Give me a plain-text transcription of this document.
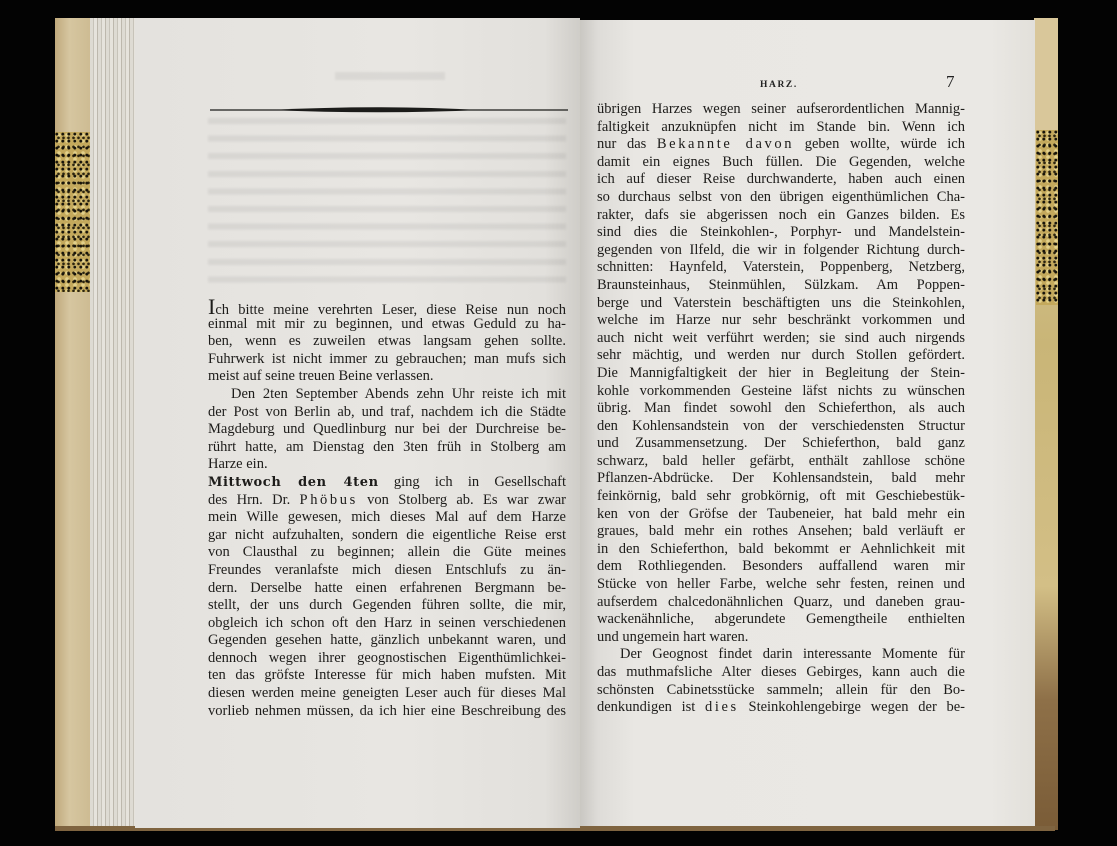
HARZ.	7
Ich bitte meine verehrten Leser, diese Reise nun noch
einmal mit mir zu beginnen, und etwas Geduld zu ha-
ben, wenn es zuweilen etwas langsam gehen sollte.
Fuhrwerk ist nicht immer zu gebrauchen; man mufs sich
meist auf seine treuen Beine verlassen.
Den 2ten September Abends zehn Uhr reiste ich mit
der Post von Berlin ab, und traf, nachdem ich die Städte
Magdeburg und Quedlinburg nur bei der Durchreise be-
rührt hatte, am Dienstag den 3ten früh in Stolberg am
Harze ein.
Mittwoch den 4ten ging ich in Gesellschaft
des Hrn. Dr. Phöbus von Stolberg ab. Es war zwar
mein Wille gewesen, mich dieses Mal auf dem Harze
gar nicht aufzuhalten, sondern die eigentliche Reise erst
von Clausthal zu beginnen; allein die Güte meines
Freundes veranlafste mich diesen Entschlufs zu än-
dern. Derselbe hatte einen erfahrenen Bergmann be-
stellt, der uns durch Gegenden führen sollte, die mir,
obgleich ich schon oft den Harz in seinen verschiedenen
Gegenden gesehen hatte, gänzlich unbekannt waren, und
dennoch wegen ihrer geognostischen Eigenthümlichkei-
ten das gröfste Interesse für mich haben mufsten. Mit
diesen werden meine geneigten Leser auch für dieses Mal
vorlieb nehmen müssen, da ich hier eine Beschreibung des
übrigen Harzes wegen seiner aufserordentlichen Mannig-
faltigkeit anzuknüpfen nicht im Stande bin. Wenn ich
nur das Bekannte davon geben wollte, würde ich
damit ein eignes Buch füllen. Die Gegenden, welche
ich auf dieser Reise durchwanderte, haben auch einen
so durchaus selbst von den übrigen eigenthümlichen Cha-
rakter, dafs sie abgerissen noch ein Ganzes bilden. Es
sind dies die Steinkohlen-, Porphyr- und Mandelstein-
gegenden von Ilfeld, die wir in folgender Richtung durch-
schnitten: Haynfeld, Vaterstein, Poppenberg, Netzberg,
Braunsteinhaus, Steinmühlen, Sülzkam. Am Poppen-
berge und Vaterstein beschäftigten uns die Steinkohlen,
welche im Harze nur sehr beschränkt vorkommen und
auch nicht weit verführt werden; sie sind auch nirgends
sehr mächtig, und werden nur durch Stollen gefördert.
Die Mannigfaltigkeit der hier in Begleitung der Stein-
kohle vorkommenden Gesteine läfst nichts zu wünschen
übrig. Man findet sowohl den Schieferthon, als auch
den Kohlensandstein von der verschiedensten Structur
und Zusammensetzung. Der Schieferthon, bald ganz
schwarz, bald heller gefärbt, enthält zahllose schöne
Pflanzen-Abdrücke. Der Kohlensandstein, bald mehr
feinkörnig, bald sehr grobkörnig, oft mit Geschiebestük-
ken von der Gröfse der Taubeneier, hat bald mehr ein
graues, bald mehr ein rothes Ansehen; bald verläuft er
in den Schieferthon, bald bekommt er Aehnlichkeit mit
dem Rothliegenden. Besonders auffallend waren mir
Stücke von heller Farbe, welche sehr festen, reinen und
aufserdem chalcedonähnlichen Quarz, und daneben grau-
wackenähnliche, abgerundete Gemengtheile enthielten
und ungemein hart waren.
Der Geognost findet darin interessante Momente für
das muthmafsliche Alter dieses Gebirges, kann auch die
schönsten Cabinetsstücke sammeln; allein für den Bo-
denkundigen ist dies Steinkohlengebirge wegen der be-
